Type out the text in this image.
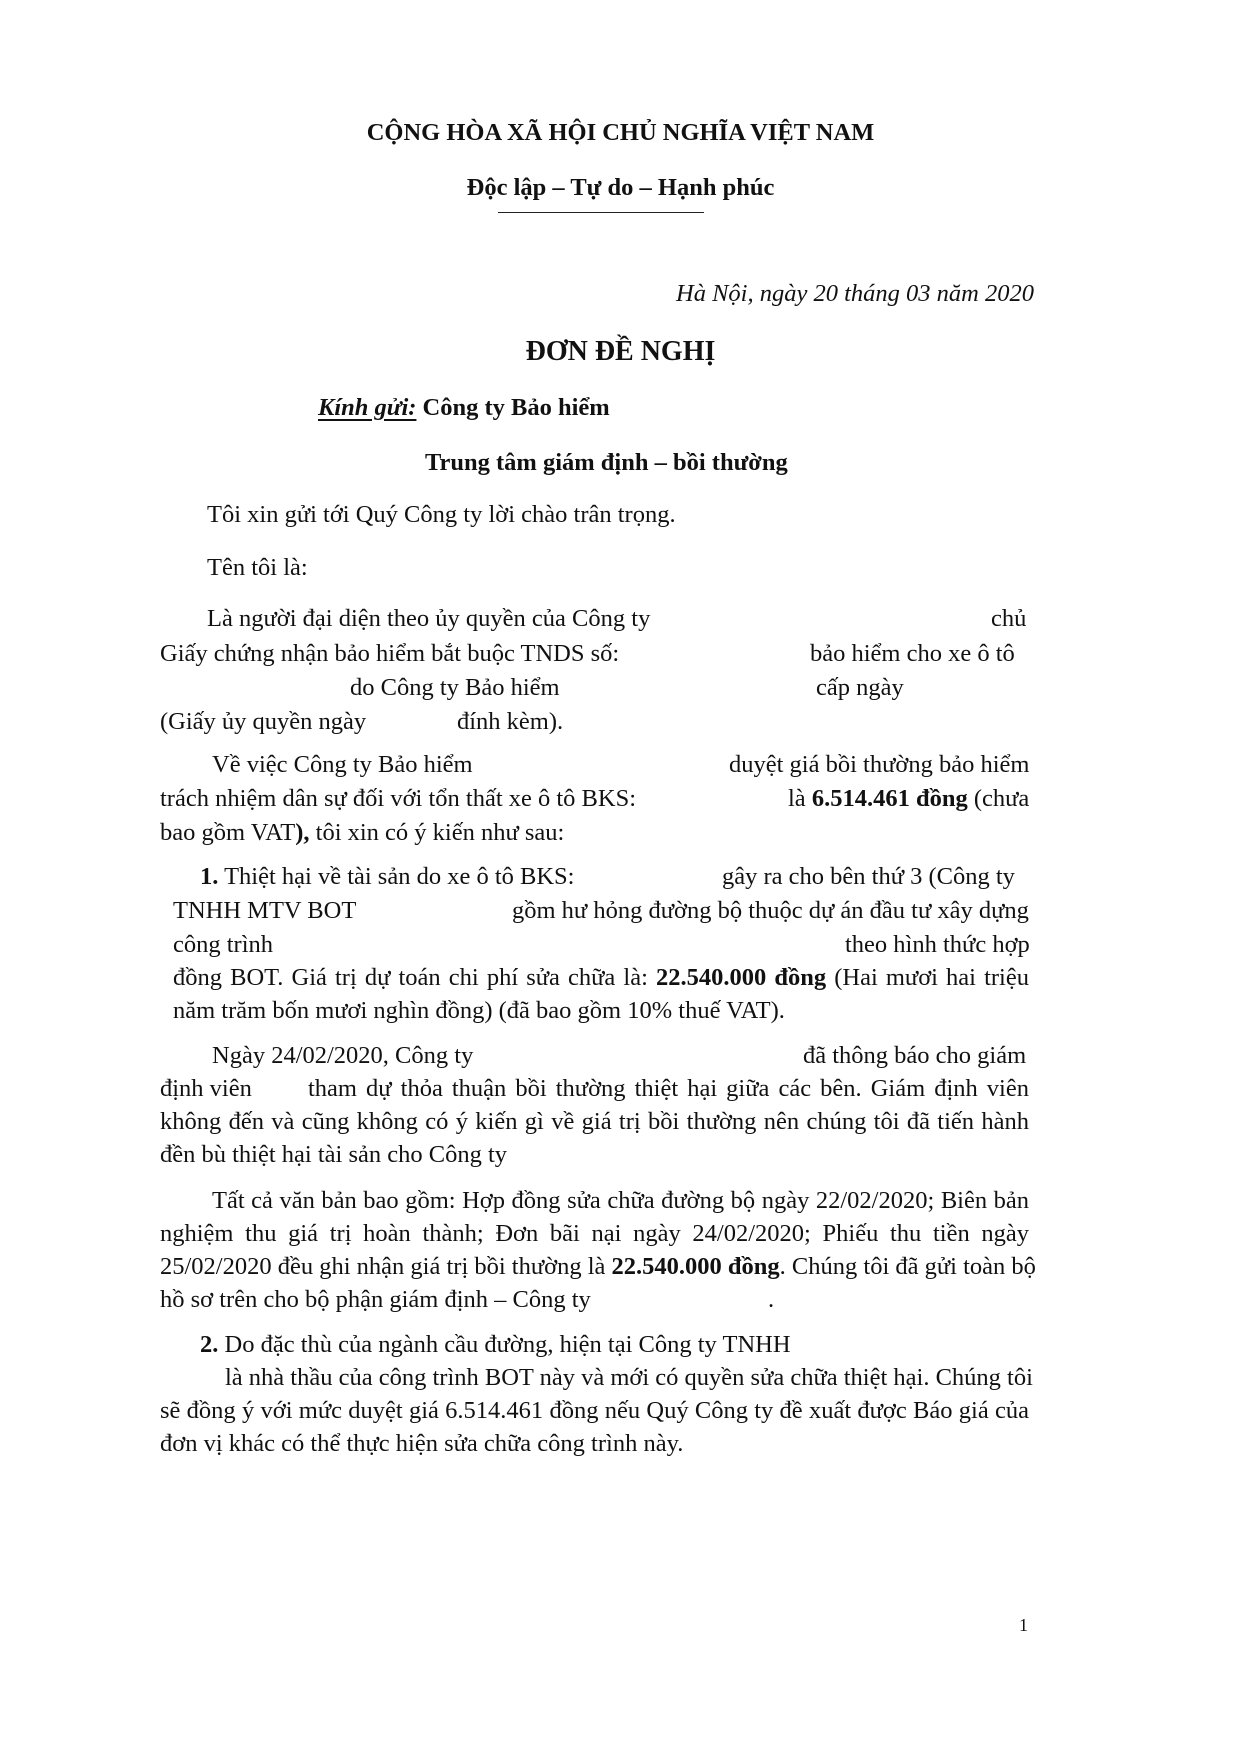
CỘNG HÒA XÃ HỘI CHỦ NGHĨA VIỆT NAM
Độc lập – Tự do – Hạnh phúc
Hà Nội, ngày 20 tháng 03 năm 2020
ĐƠN ĐỀ NGHỊ
Kính gửi: Công ty Bảo hiểm
Trung tâm giám định – bồi thường
Tôi xin gửi tới Quý Công ty lời chào trân trọng.
Tên tôi là:
Là người đại diện theo ủy quyền của Công ty	chủ
Giấy chứng nhận bảo hiểm bắt buộc TNDS số:	bảo hiểm cho xe ô tô
do Công ty Bảo hiểm	cấp ngày
(Giấy ủy quyền ngày	đính kèm).
Về việc Công ty Bảo hiểm	duyệt giá bồi thường bảo hiểm
trách nhiệm dân sự đối với tổn thất xe ô tô BKS:	là 6.514.461 đồng (chưa
bao gồm VAT), tôi xin có ý kiến như sau:
1. Thiệt hại về tài sản do xe ô tô BKS:	gây ra cho bên thứ 3 (Công ty
TNHH MTV BOT	gồm hư hỏng đường bộ thuộc dự án đầu tư xây dựng
công trình	theo hình thức hợp
đồng BOT. Giá trị dự toán chi phí sửa chữa là: 22.540.000 đồng (Hai mươi hai triệu
năm trăm bốn mươi nghìn đồng) (đã bao gồm 10% thuế VAT).
Ngày 24/02/2020, Công ty	đã thông báo cho giám
định viên tham dự thỏa thuận bồi thường thiệt hại giữa các bên. Giám định viên
không đến và cũng không có ý kiến gì về giá trị bồi thường nên chúng tôi đã tiến hành
đền bù thiệt hại tài sản cho Công ty
Tất cả văn bản bao gồm: Hợp đồng sửa chữa đường bộ ngày 22/02/2020; Biên bản
nghiệm thu giá trị hoàn thành; Đơn bãi nại ngày 24/02/2020; Phiếu thu tiền ngày
25/02/2020 đều ghi nhận giá trị bồi thường là 22.540.000 đồng. Chúng tôi đã gửi toàn bộ
hồ sơ trên cho bộ phận giám định – Công ty	.
2. Do đặc thù của ngành cầu đường, hiện tại Công ty TNHH
là nhà thầu của công trình BOT này và mới có quyền sửa chữa thiệt hại. Chúng tôi
sẽ đồng ý với mức duyệt giá 6.514.461 đồng nếu Quý Công ty đề xuất được Báo giá của
đơn vị khác có thể thực hiện sửa chữa công trình này.
1
